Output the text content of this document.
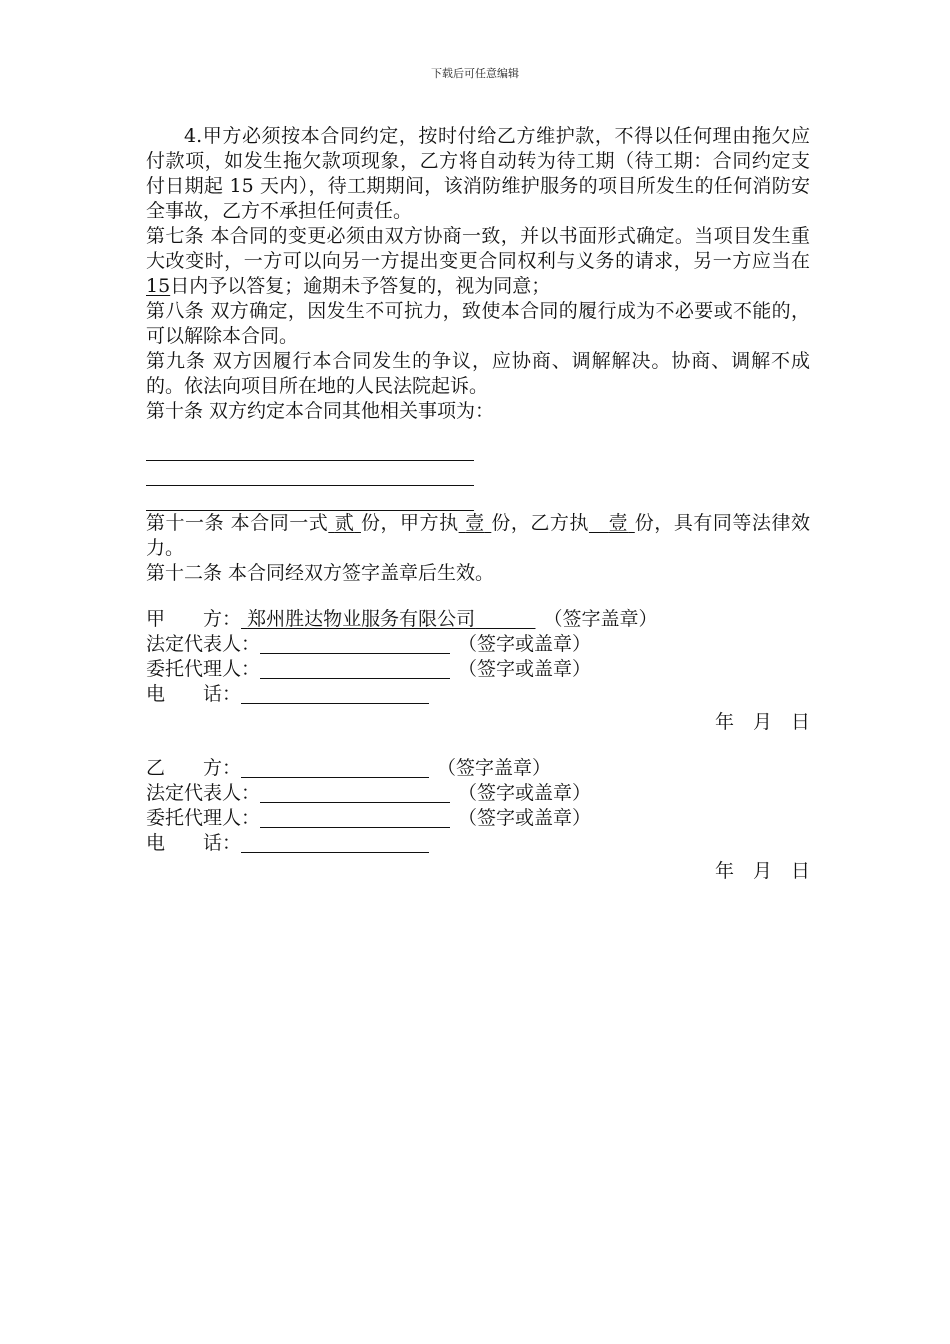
下载后可任意编辑

4.甲方必须按本合同约定，按时付给乙方维护款，不得以任何理由拖欠应付款项，如发生拖欠款项现象，乙方将自动转为待工期（待工期：合同约定支付日期起 15 天内），待工期期间，该消防维护服务的项目所发生的任何消防安全事故，乙方不承担任何责任。

第七条 本合同的变更必须由双方协商一致，并以书面形式确定。当项目发生重大改变时，一方可以向另一方提出变更合同权利与义务的请求，另一方应当在15日内予以答复；逾期未予答复的，视为同意；

第八条 双方确定，因发生不可抗力，致使本合同的履行成为不必要或不能的，可以解除本合同。

第九条 双方因履行本合同发生的争议，应协商、调解解决。协商、调解不成的。依法向项目所在地的人民法院起诉。

第十条 双方约定本合同其他相关事项为：

第十一条 本合同一式 贰 份，甲方执 壹 份，乙方执 壹 份，具有同等法律效力。

第十二条 本合同经双方签字盖章后生效。

甲　　方： 郑州胜达物业服务有限公司	（签字盖章）
法定代表人：	（签字或盖章）
委托代理人：	（签字或盖章）
电　　话：
年　月　日
乙　　方：	（签字盖章）
法定代表人：	（签字或盖章）
委托代理人：	（签字或盖章）
电　　话：
年　月　日
